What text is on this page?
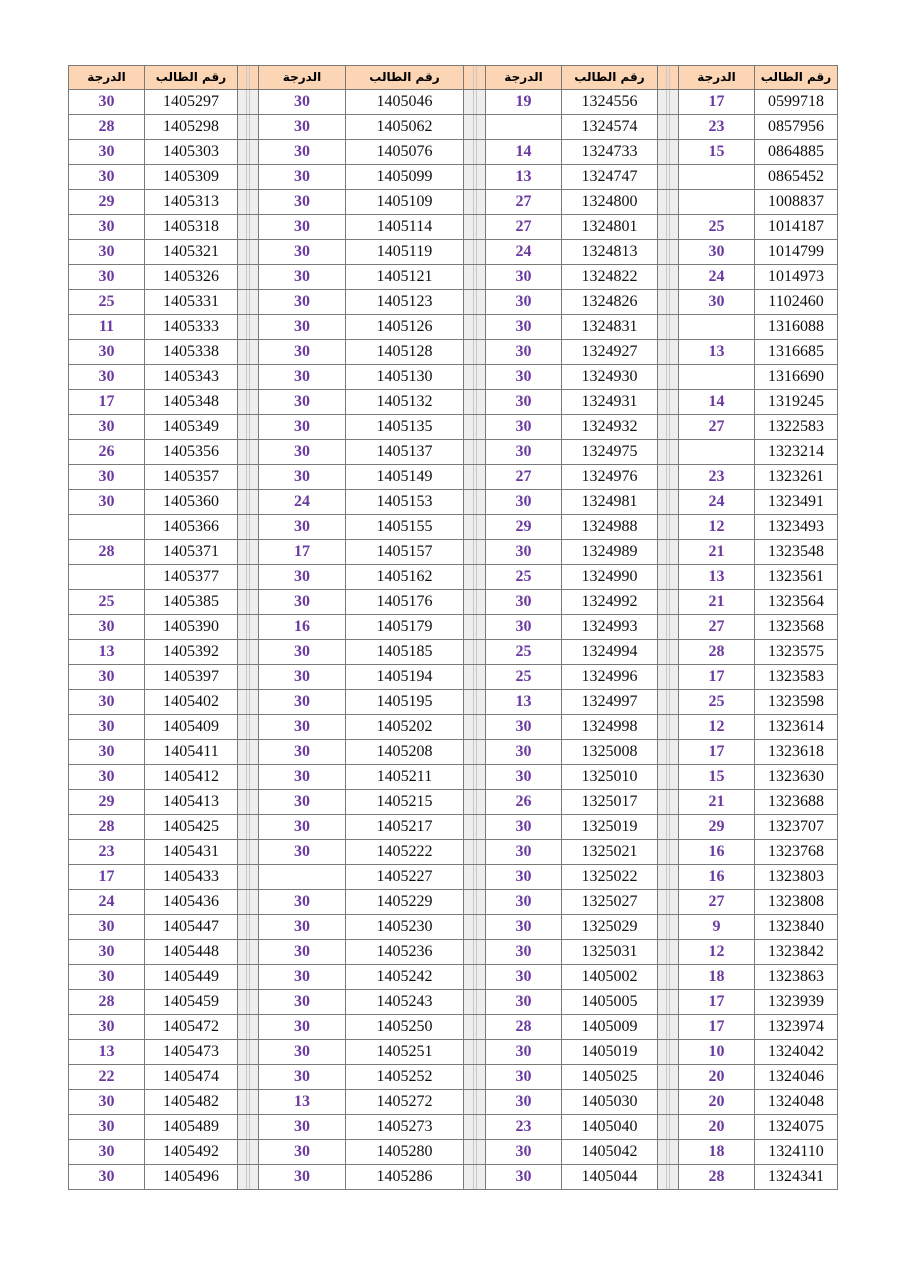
الدرجة	رقم الطالب		الدرجة	رقم الطالب		الدرجة	رقم الطالب		الدرجة	رقم الطالب
30	1405297		30	1405046		19	1324556		17	0599718
28	1405298		30	1405062			1324574		23	0857956
30	1405303		30	1405076		14	1324733		15	0864885
30	1405309		30	1405099		13	1324747			0865452
29	1405313		30	1405109		27	1324800			1008837
30	1405318		30	1405114		27	1324801		25	1014187
30	1405321		30	1405119		24	1324813		30	1014799
30	1405326		30	1405121		30	1324822		24	1014973
25	1405331		30	1405123		30	1324826		30	1102460
11	1405333		30	1405126		30	1324831			1316088
30	1405338		30	1405128		30	1324927		13	1316685
30	1405343		30	1405130		30	1324930			1316690
17	1405348		30	1405132		30	1324931		14	1319245
30	1405349		30	1405135		30	1324932		27	1322583
26	1405356		30	1405137		30	1324975			1323214
30	1405357		30	1405149		27	1324976		23	1323261
30	1405360		24	1405153		30	1324981		24	1323491
	1405366		30	1405155		29	1324988		12	1323493
28	1405371		17	1405157		30	1324989		21	1323548
	1405377		30	1405162		25	1324990		13	1323561
25	1405385		30	1405176		30	1324992		21	1323564
30	1405390		16	1405179		30	1324993		27	1323568
13	1405392		30	1405185		25	1324994		28	1323575
30	1405397		30	1405194		25	1324996		17	1323583
30	1405402		30	1405195		13	1324997		25	1323598
30	1405409		30	1405202		30	1324998		12	1323614
30	1405411		30	1405208		30	1325008		17	1323618
30	1405412		30	1405211		30	1325010		15	1323630
29	1405413		30	1405215		26	1325017		21	1323688
28	1405425		30	1405217		30	1325019		29	1323707
23	1405431		30	1405222		30	1325021		16	1323768
17	1405433			1405227		30	1325022		16	1323803
24	1405436		30	1405229		30	1325027		27	1323808
30	1405447		30	1405230		30	1325029		9	1323840
30	1405448		30	1405236		30	1325031		12	1323842
30	1405449		30	1405242		30	1405002		18	1323863
28	1405459		30	1405243		30	1405005		17	1323939
30	1405472		30	1405250		28	1405009		17	1323974
13	1405473		30	1405251		30	1405019		10	1324042
22	1405474		30	1405252		30	1405025		20	1324046
30	1405482		13	1405272		30	1405030		20	1324048
30	1405489		30	1405273		23	1405040		20	1324075
30	1405492		30	1405280		30	1405042		18	1324110
30	1405496		30	1405286		30	1405044		28	1324341
